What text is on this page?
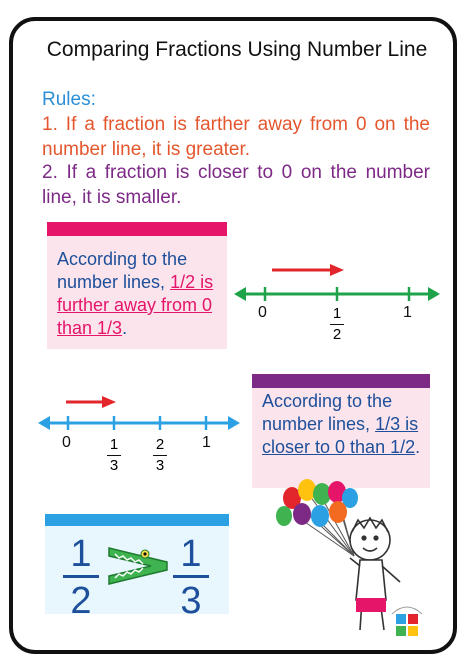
Comparing Fractions Using Number Line
Rules:
1. If a fraction is farther away from 0 on the number line, it is greater.
2. If a fraction is closer to 0 on the number line, it is smaller.
According to the number lines, 1/2 is further away from 0 than 1/3.
0	1
1
2
0	1
1
3
2
3
According to the number lines, 1/3 is closer to 0 than 1/2.
1
2
1
3
